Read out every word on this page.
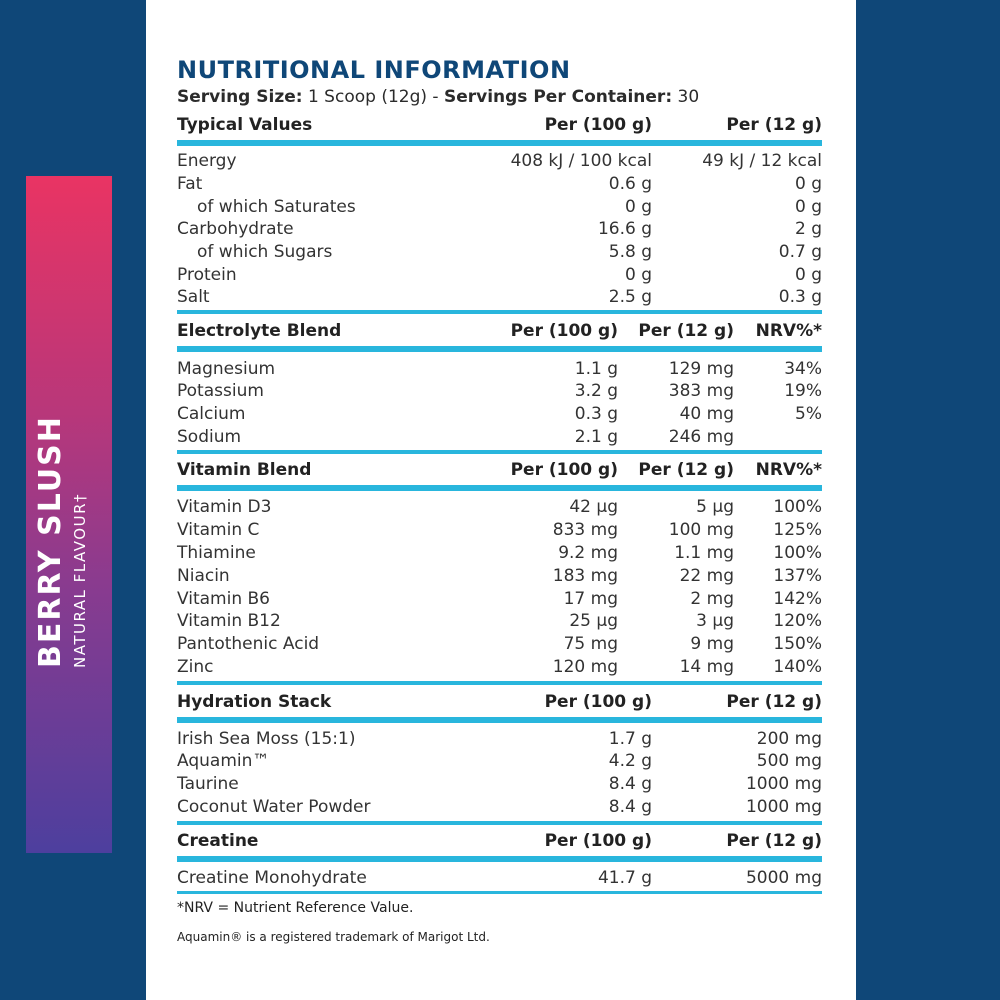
BERRY SLUSH NATURAL FLAVOUR†
NUTRITIONAL INFORMATION
Serving Size: 1 Scoop (12g) - Servings Per Container: 30
Typical Values	Per (100 g)	Per (12 g)
Energy	408 kJ / 100 kcal	49 kJ / 12 kcal
Fat	0.6 g	0 g
of which Saturates	0 g	0 g
Carbohydrate	16.6 g	2 g
of which Sugars	5.8 g	0.7 g
Protein	0 g	0 g
Salt	2.5 g	0.3 g
Electrolyte Blend	Per (100 g) Per (12 g) NRV%*
Magnesium	1.1 g	129 mg	34%
Potassium	3.2 g	383 mg	19%
Calcium	0.3 g	40 mg	5%
Sodium	2.1 g	246 mg
Vitamin Blend	Per (100 g) Per (12 g) NRV%*
Vitamin D3	42 µg	5 µg 100%
Vitamin C	833 mg	100 mg 125%
Thiamine	9.2 mg	1.1 mg 100%
Niacin	183 mg	22 mg 137%
Vitamin B6	17 mg	2 mg 142%
Vitamin B12	25 µg	3 µg 120%
Pantothenic Acid	75 mg	9 mg 150%
Zinc	120 mg	14 mg 140%
Hydration Stack	Per (100 g)	Per (12 g)
Irish Sea Moss (15:1)	1.7 g	200 mg
Aquamin™	4.2 g	500 mg
Taurine	8.4 g	1000 mg
Coconut Water Powder	8.4 g	1000 mg
Creatine	Per (100 g)	Per (12 g)
Creatine Monohydrate	41.7 g	5000 mg
*NRV = Nutrient Reference Value.
Aquamin® is a registered trademark of Marigot Ltd.
